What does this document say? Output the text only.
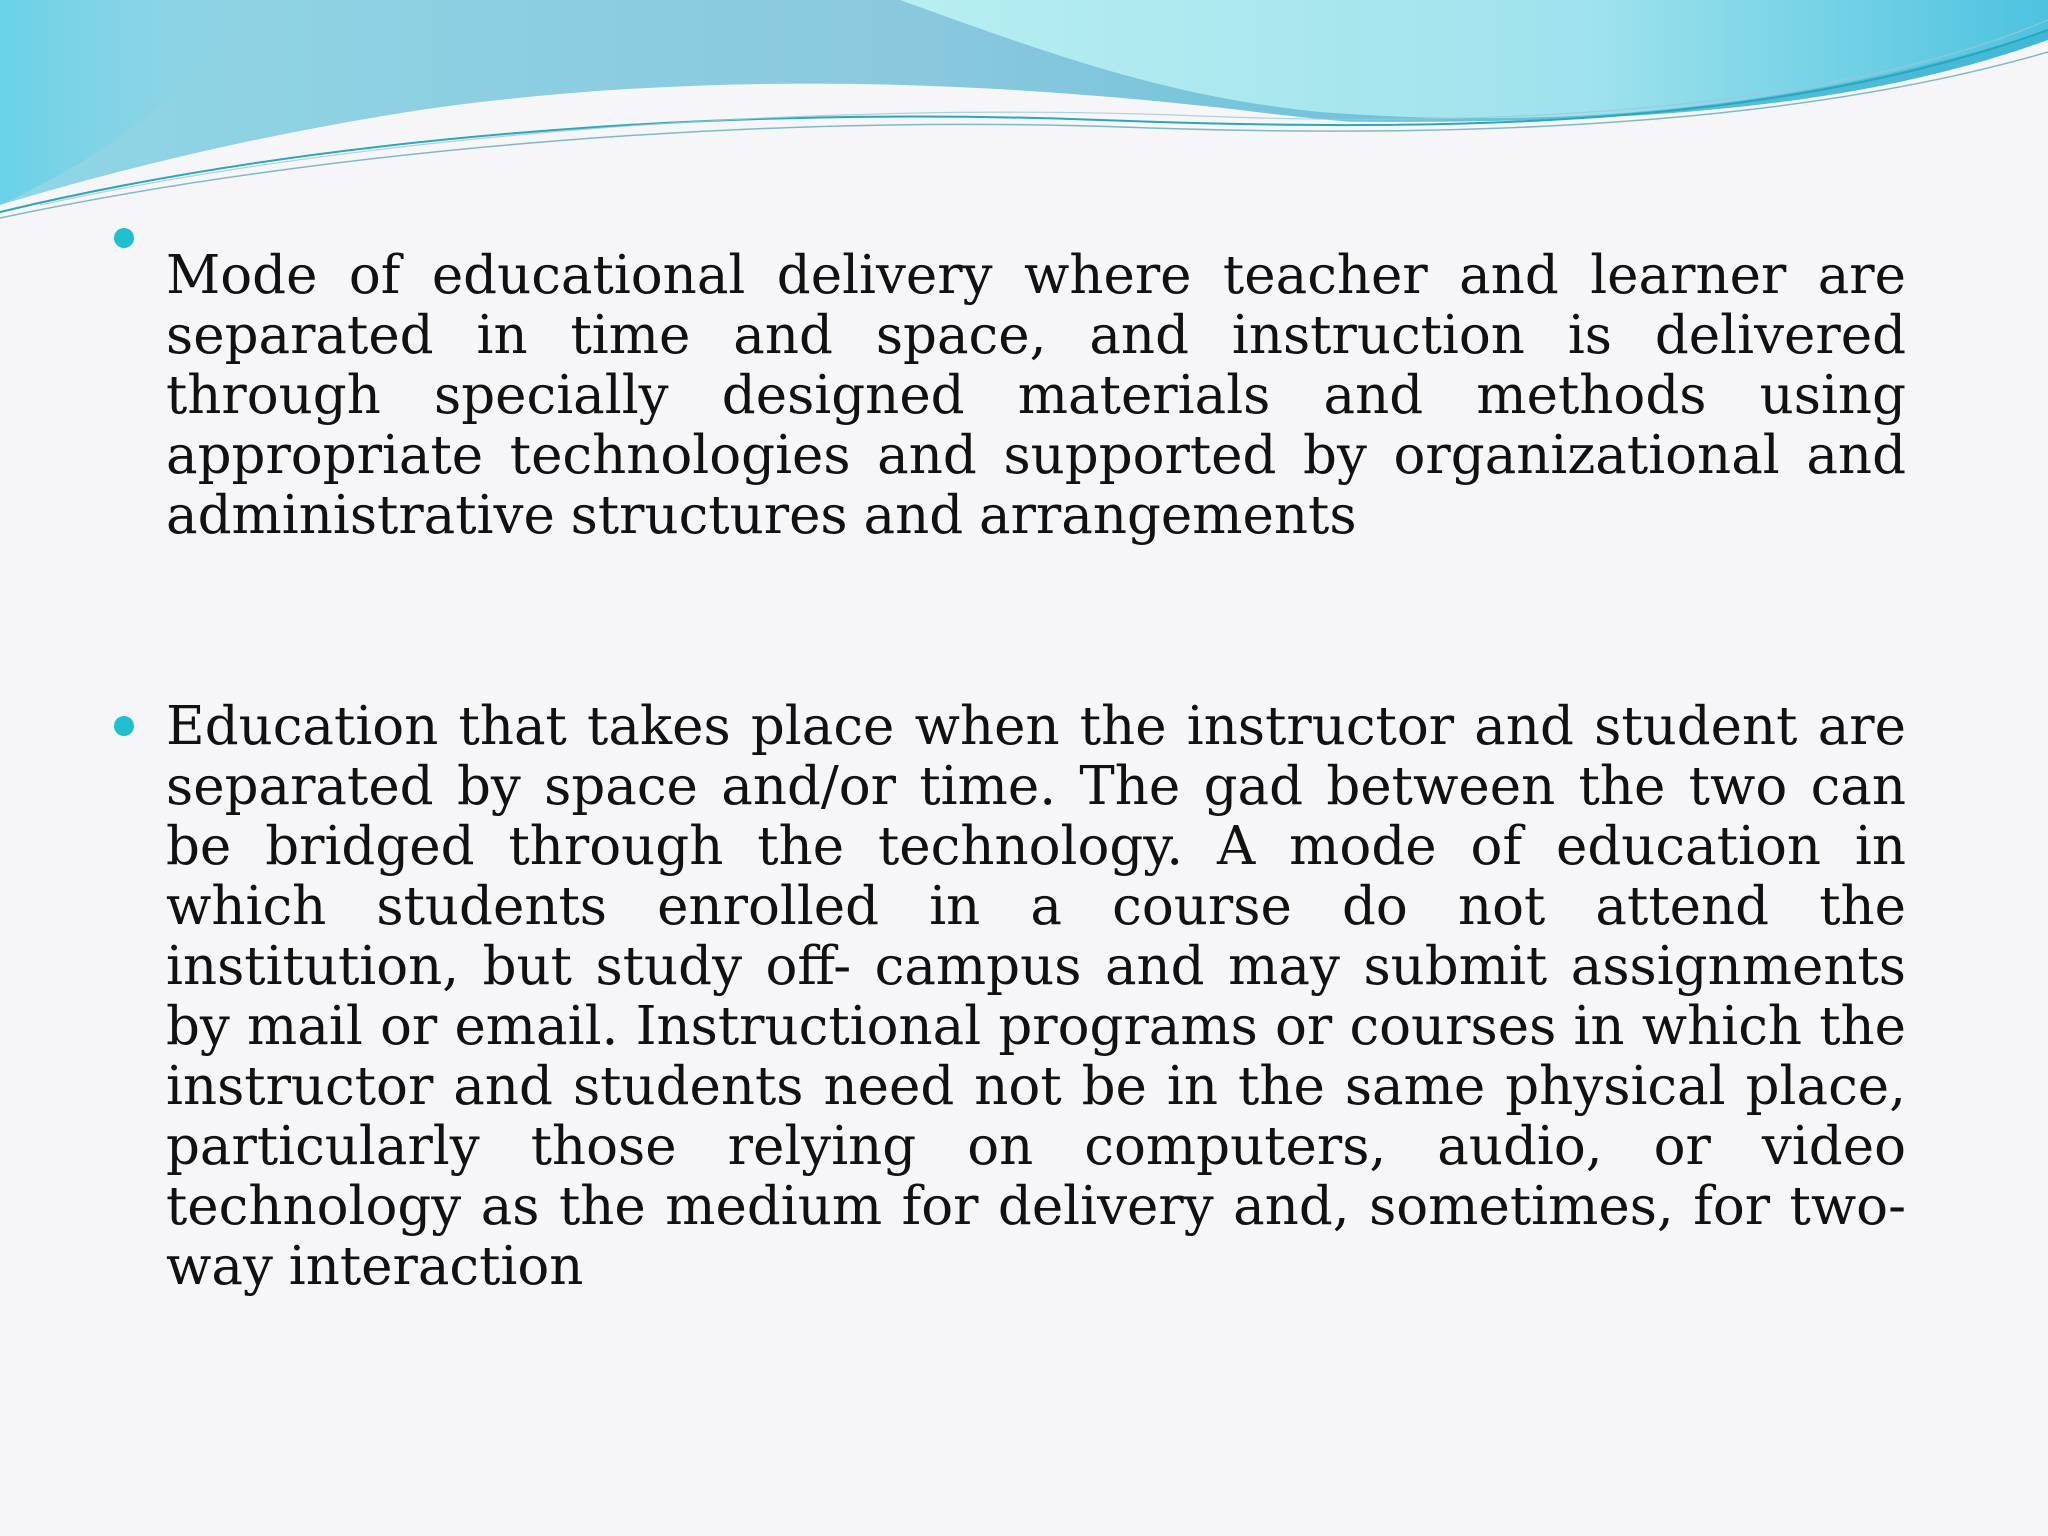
Mode of educational delivery where teacher and learner are separated in time and space, and instruction is delivered through specially designed materials and methods using appropriate technologies and supported by organizational and administrative structures and arrangements

Education that takes place when the instructor and student are separated by space and/or time. The gad between the two can be bridged through the technology. A mode of education in which students enrolled in a course do not attend the institution, but study off- campus and may submit assignments by mail or email. Instructional programs or courses in which the instructor and students need not be in the same physical place, particularly those relying on computers, audio, or video technology as the medium for delivery and, sometimes, for two-way interaction
